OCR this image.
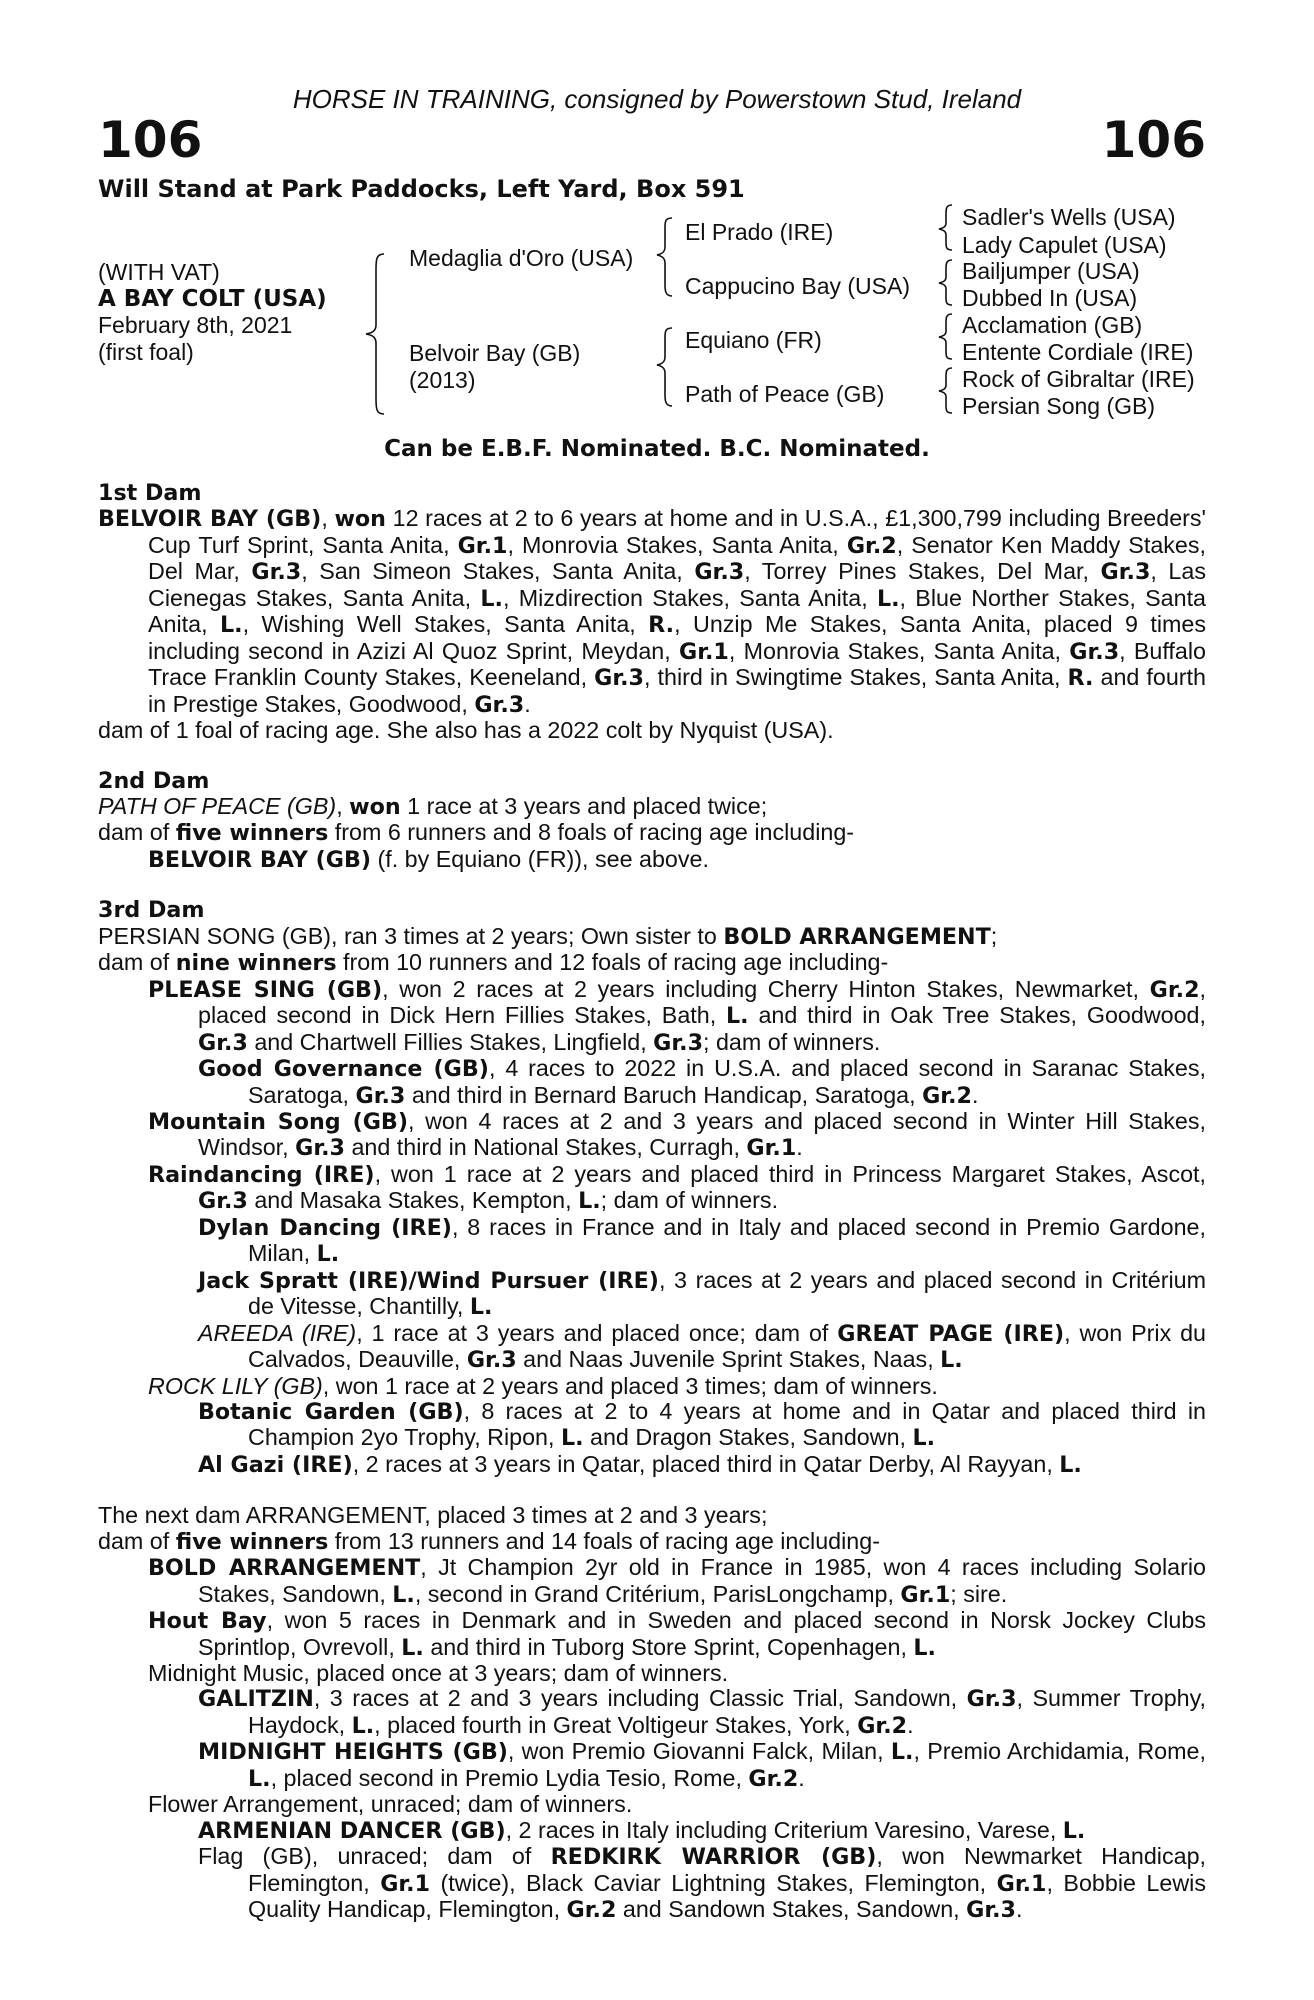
HORSE IN TRAINING, consigned by Powerstown Stud, Ireland
106	106
Will Stand at Park Paddocks, Left Yard, Box 591
(WITH VAT)
A BAY COLT (USA)
February 8th, 2021
(first foal)
Medaglia d'Oro (USA)
Belvoir Bay (GB)
(2013)
El Prado (IRE)
Cappucino Bay (USA)
Equiano (FR)
Path of Peace (GB)
Sadler's Wells (USA)
Lady Capulet (USA)
Bailjumper (USA)
Dubbed In (USA)
Acclamation (GB)
Entente Cordiale (IRE)
Rock of Gibraltar (IRE)
Persian Song (GB)
Can be E.B.F. Nominated. B.C. Nominated.
1st Dam

BELVOIR BAY (GB), won 12 races at 2 to 6 years at home and in U.S.A., £1,300,799 including Breeders' Cup Turf Sprint, Santa Anita, Gr.1, Monrovia Stakes, Santa Anita, Gr.2, Senator Ken Maddy Stakes, Del Mar, Gr.3, San Simeon Stakes, Santa Anita, Gr.3, Torrey Pines Stakes, Del Mar, Gr.3, Las Cienegas Stakes, Santa Anita, L., Mizdirection Stakes, Santa Anita, L., Blue Norther Stakes, Santa Anita, L., Wishing Well Stakes, Santa Anita, R., Unzip Me Stakes, Santa Anita, placed 9 times including second in Azizi Al Quoz Sprint, Meydan, Gr.1, Monrovia Stakes, Santa Anita, Gr.3, Buffalo Trace Franklin County Stakes, Keeneland, Gr.3, third in Swingtime Stakes, Santa Anita, R. and fourth in Prestige Stakes, Goodwood, Gr.3.

dam of 1 foal of racing age. She also has a 2022 colt by Nyquist (USA).

2nd Dam

PATH OF PEACE (GB), won 1 race at 3 years and placed twice;

dam of five winners from 6 runners and 8 foals of racing age including-

BELVOIR BAY (GB) (f. by Equiano (FR)), see above.

3rd Dam

PERSIAN SONG (GB), ran 3 times at 2 years; Own sister to BOLD ARRANGEMENT;

dam of nine winners from 10 runners and 12 foals of racing age including-

PLEASE SING (GB), won 2 races at 2 years including Cherry Hinton Stakes, Newmarket, Gr.2, placed second in Dick Hern Fillies Stakes, Bath, L. and third in Oak Tree Stakes, Goodwood, Gr.3 and Chartwell Fillies Stakes, Lingfield, Gr.3; dam of winners.

Good Governance (GB), 4 races to 2022 in U.S.A. and placed second in Saranac Stakes, Saratoga, Gr.3 and third in Bernard Baruch Handicap, Saratoga, Gr.2.

Mountain Song (GB), won 4 races at 2 and 3 years and placed second in Winter Hill Stakes, Windsor, Gr.3 and third in National Stakes, Curragh, Gr.1.

Raindancing (IRE), won 1 race at 2 years and placed third in Princess Margaret Stakes, Ascot, Gr.3 and Masaka Stakes, Kempton, L.; dam of winners.

Dylan Dancing (IRE), 8 races in France and in Italy and placed second in Premio Gardone, Milan, L.

Jack Spratt (IRE)/Wind Pursuer (IRE), 3 races at 2 years and placed second in Critérium de Vitesse, Chantilly, L.

AREEDA (IRE), 1 race at 3 years and placed once; dam of GREAT PAGE (IRE), won Prix du Calvados, Deauville, Gr.3 and Naas Juvenile Sprint Stakes, Naas, L.

ROCK LILY (GB), won 1 race at 2 years and placed 3 times; dam of winners.

Botanic Garden (GB), 8 races at 2 to 4 years at home and in Qatar and placed third in Champion 2yo Trophy, Ripon, L. and Dragon Stakes, Sandown, L.

Al Gazi (IRE), 2 races at 3 years in Qatar, placed third in Qatar Derby, Al Rayyan, L.

The next dam ARRANGEMENT, placed 3 times at 2 and 3 years;

dam of five winners from 13 runners and 14 foals of racing age including-

BOLD ARRANGEMENT, Jt Champion 2yr old in France in 1985, won 4 races including Solario Stakes, Sandown, L., second in Grand Critérium, ParisLongchamp, Gr.1; sire.

Hout Bay, won 5 races in Denmark and in Sweden and placed second in Norsk Jockey Clubs Sprintlop, Ovrevoll, L. and third in Tuborg Store Sprint, Copenhagen, L.

Midnight Music, placed once at 3 years; dam of winners.

GALITZIN, 3 races at 2 and 3 years including Classic Trial, Sandown, Gr.3, Summer Trophy, Haydock, L., placed fourth in Great Voltigeur Stakes, York, Gr.2.

MIDNIGHT HEIGHTS (GB), won Premio Giovanni Falck, Milan, L., Premio Archidamia, Rome, L., placed second in Premio Lydia Tesio, Rome, Gr.2.

Flower Arrangement, unraced; dam of winners.

ARMENIAN DANCER (GB), 2 races in Italy including Criterium Varesino, Varese, L.

Flag (GB), unraced; dam of REDKIRK WARRIOR (GB), won Newmarket Handicap, Flemington, Gr.1 (twice), Black Caviar Lightning Stakes, Flemington, Gr.1, Bobbie Lewis Quality Handicap, Flemington, Gr.2 and Sandown Stakes, Sandown, Gr.3.
